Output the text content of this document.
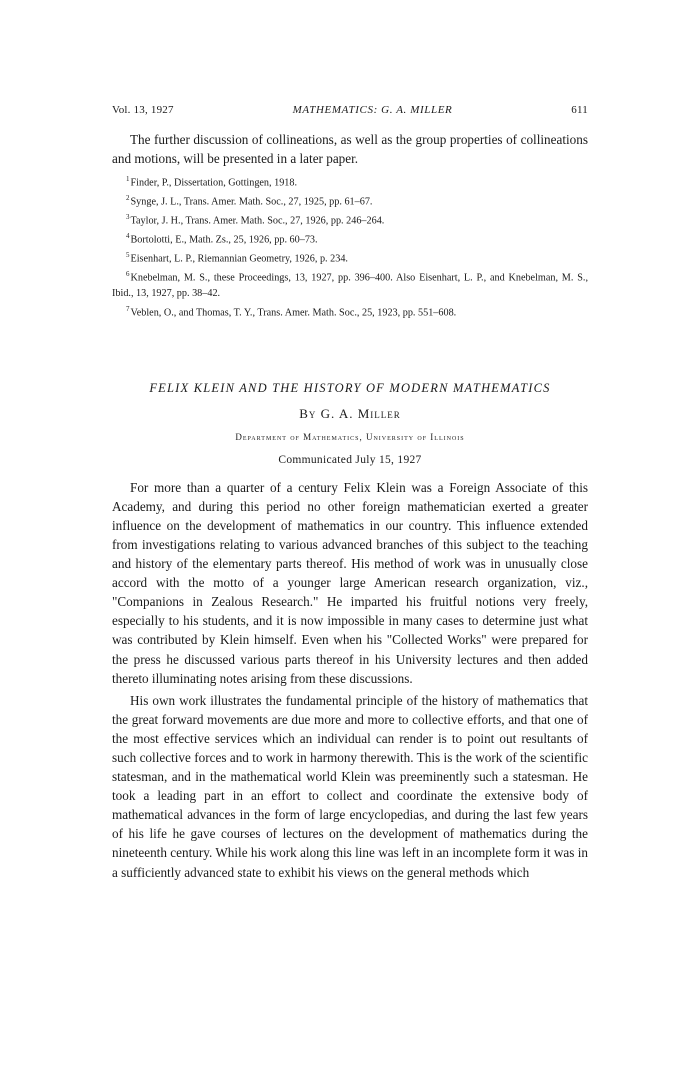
Vol. 13, 1927	MATHEMATICS: G. A. MILLER	611

The further discussion of collineations, as well as the group properties of collineations and motions, will be presented in a later paper.

$^1$Finder, P., Dissertation, Gottingen, 1918.
$^2$Synge, J. L., Trans. Amer. Math. Soc., 27, 1925, pp. 61–67.
$^3$Taylor, J. H., Trans. Amer. Math. Soc., 27, 1926, pp. 246–264.
$^4$Bortolotti, E., Math. Zs., 25, 1926, pp. 60–73.
$^5$Eisenhart, L. P., Riemannian Geometry, 1926, p. 234.
$^6$Knebelman, M. S., these Proceedings, 13, 1927, pp. 396–400. Also Eisenhart, L. P., and Knebelman, M. S., Ibid., 13, 1927, pp. 38–42.
$^7$Veblen, O., and Thomas, T. Y., Trans. Amer. Math. Soc., 25, 1923, pp. 551–608.
FELIX KLEIN AND THE HISTORY OF MODERN MATHEMATICS
By G. A. Miller
Department of Mathematics, University of Illinois
Communicated July 15, 1927

For more than a quarter of a century Felix Klein was a Foreign Associate of this Academy, and during this period no other foreign mathematician exerted a greater influence on the development of mathematics in our country. This influence extended from investigations relating to various advanced branches of this subject to the teaching and history of the elementary parts thereof. His method of work was in unusually close accord with the motto of a younger large American research organization, viz., "Companions in Zealous Research." He imparted his fruitful notions very freely, especially to his students, and it is now impossible in many cases to determine just what was contributed by Klein himself. Even when his "Collected Works" were prepared for the press he discussed various parts thereof in his University lectures and then added thereto illuminating notes arising from these discussions.

His own work illustrates the fundamental principle of the history of mathematics that the great forward movements are due more and more to collective efforts, and that one of the most effective services which an individual can render is to point out resultants of such collective forces and to work in harmony therewith. This is the work of the scientific statesman, and in the mathematical world Klein was preeminently such a statesman. He took a leading part in an effort to collect and coordinate the extensive body of mathematical advances in the form of large encyclopedias, and during the last few years of his life he gave courses of lectures on the development of mathematics during the nineteenth century. While his work along this line was left in an incomplete form it was in a sufficiently advanced state to exhibit his views on the general methods which
